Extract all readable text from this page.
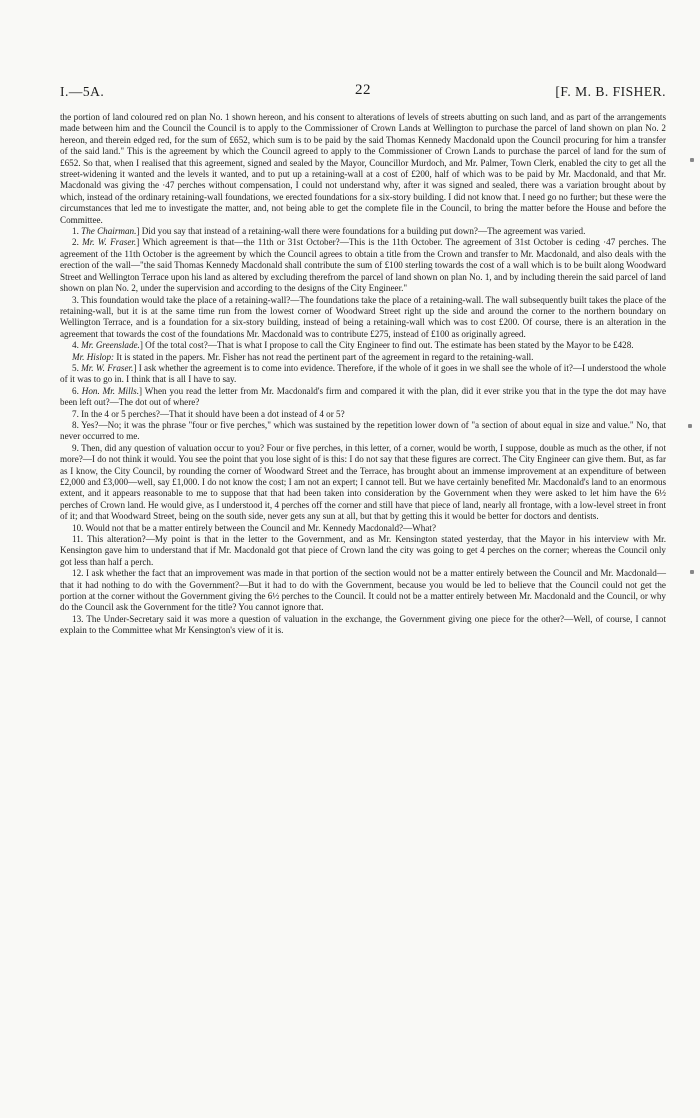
I.—5A.	22	[F. M. B. FISHER.

the portion of land coloured red on plan No. 1 shown hereon, and his consent to alterations of levels of streets abutting on such land, and as part of the arrangements made between him and the Council the Council is to apply to the Commissioner of Crown Lands at Wellington to purchase the parcel of land shown on plan No. 2 hereon, and therein edged red, for the sum of £652, which sum is to be paid by the said Thomas Kennedy Macdonald upon the Council procuring for him a transfer of the said land." This is the agreement by which the Council agreed to apply to the Commissioner of Crown Lands to purchase the parcel of land for the sum of £652. So that, when I realised that this agreement, signed and sealed by the Mayor, Councillor Murdoch, and Mr. Palmer, Town Clerk, enabled the city to get all the street-widening it wanted and the levels it wanted, and to put up a retaining-wall at a cost of £200, half of which was to be paid by Mr. Macdonald, and that Mr. Macdonald was giving the ·47 perches without compensation, I could not understand why, after it was signed and sealed, there was a variation brought about by which, instead of the ordinary retaining-wall foundations, we erected foundations for a six-story building. I did not know that. I need go no further; but these were the circumstances that led me to investigate the matter, and, not being able to get the complete file in the Council, to bring the matter before the House and before the Committee.

1. The Chairman.] Did you say that instead of a retaining-wall there were foundations for a building put down?—The agreement was varied.

2. Mr. W. Fraser.] Which agreement is that—the 11th or 31st October?—This is the 11th October. The agreement of 31st October is ceding ·47 perches. The agreement of the 11th October is the agreement by which the Council agrees to obtain a title from the Crown and transfer to Mr. Macdonald, and also deals with the erection of the wall—"the said Thomas Kennedy Macdonald shall contribute the sum of £100 sterling towards the cost of a wall which is to be built along Woodward Street and Wellington Terrace upon his land as altered by excluding therefrom the parcel of land shown on plan No. 1, and by including therein the said parcel of land shown on plan No. 2, under the supervision and according to the designs of the City Engineer."

3. This foundation would take the place of a retaining-wall?—The foundations take the place of a retaining-wall. The wall subsequently built takes the place of the retaining-wall, but it is at the same time run from the lowest corner of Woodward Street right up the side and around the corner to the northern boundary on Wellington Terrace, and is a foundation for a six-story building, instead of being a retaining-wall which was to cost £200. Of course, there is an alteration in the agreement that towards the cost of the foundations Mr. Macdonald was to contribute £275, instead of £100 as originally agreed.

4. Mr. Greenslade.] Of the total cost?—That is what I propose to call the City Engineer to find out. The estimate has been stated by the Mayor to be £428.

Mr. Hislop: It is stated in the papers. Mr. Fisher has not read the pertinent part of the agreement in regard to the retaining-wall.

5. Mr. W. Fraser.] I ask whether the agreement is to come into evidence. Therefore, if the whole of it goes in we shall see the whole of it?—I understood the whole of it was to go in. I think that is all I have to say.

6. Hon. Mr. Mills.] When you read the letter from Mr. Macdonald's firm and compared it with the plan, did it ever strike you that in the type the dot may have been left out?—The dot out of where?

7. In the 4 or 5 perches?—That it should have been a dot instead of 4 or 5?

8. Yes?—No; it was the phrase "four or five perches," which was sustained by the repetition lower down of "a section of about equal in size and value." No, that never occurred to me.

9. Then, did any question of valuation occur to you? Four or five perches, in this letter, of a corner, would be worth, I suppose, double as much as the other, if not more?—I do not think it would. You see the point that you lose sight of is this: I do not say that these figures are correct. The City Engineer can give them. But, as far as I know, the City Council, by rounding the corner of Woodward Street and the Terrace, has brought about an immense improvement at an expenditure of between £2,000 and £3,000—well, say £1,000. I do not know the cost; I am not an expert; I cannot tell. But we have certainly benefited Mr. Macdonald's land to an enormous extent, and it appears reasonable to me to suppose that that had been taken into consideration by the Government when they were asked to let him have the 6½ perches of Crown land. He would give, as I understood it, 4 perches off the corner and still have that piece of land, nearly all frontage, with a low-level street in front of it; and that Woodward Street, being on the south side, never gets any sun at all, but that by getting this it would be better for doctors and dentists.

10. Would not that be a matter entirely between the Council and Mr. Kennedy Macdonald?—What?

11. This alteration?—My point is that in the letter to the Government, and as Mr. Kensington stated yesterday, that the Mayor in his interview with Mr. Kensington gave him to understand that if Mr. Macdonald got that piece of Crown land the city was going to get 4 perches on the corner; whereas the Council only got less than half a perch.

12. I ask whether the fact that an improvement was made in that portion of the section would not be a matter entirely between the Council and Mr. Macdonald—that it had nothing to do with the Government?—But it had to do with the Government, because you would be led to believe that the Council could not get the portion at the corner without the Government giving the 6½ perches to the Council. It could not be a matter entirely between Mr. Macdonald and the Council, or why do the Council ask the Government for the title? You cannot ignore that.

13. The Under-Secretary said it was more a question of valuation in the exchange, the Government giving one piece for the other?—Well, of course, I cannot explain to the Committee what Mr Kensington's view of it is.
